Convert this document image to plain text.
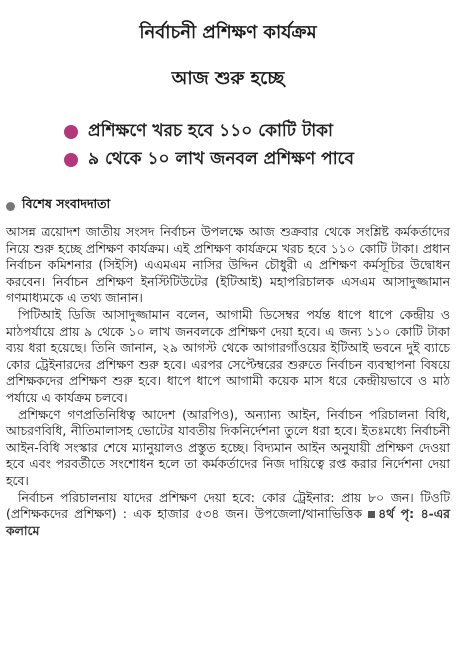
নির্বাচনী প্রশিক্ষণ কার্যক্রম
আজ শুরু হচ্ছে
প্রশিক্ষণে খরচ হবে ১১০ কোটি টাকা
৯ থেকে ১০ লাখ জনবল প্রশিক্ষণ পাবে
বিশেষ সংবাদদাতা

আসন্ন ত্রয়োদশ জাতীয় সংসদ নির্বাচন উপলক্ষে আজ শুক্রবার থেকে সংশ্লিষ্ট কর্মকর্তাদের নিয়ে শুরু হচ্ছে প্রশিক্ষণ কার্যক্রম। এই প্রশিক্ষণ কার্যক্রমে খরচ হবে ১১০ কোটি টাকা। প্রধান নির্বাচন কমিশনার (সিইসি) এএমএম নাসির উদ্দিন চৌধুরী এ প্রশিক্ষণ কর্মসূচির উদ্বোধন করবেন। নির্বাচন প্রশিক্ষণ ইনস্টিটিউটের (ইটিআই) মহাপরিচালক এসএম আসাদুজ্জামান গণমাধ্যমকে এ তথ্য জানান।

পিটিআই ডিজি আসাদুজ্জামান বলেন, আগামী ডিসেম্বর পর্যন্ত ধাপে ধাপে কেন্দ্রীয় ও মাঠপর্যায়ে প্রায় ৯ থেকে ১০ লাখ জনবলকে প্রশিক্ষণ দেয়া হবে। এ জন্য ১১০ কোটি টাকা ব্যয় ধরা হয়েছে। তিনি জানান, ২৯ আগস্ট থেকে আগারগাঁওয়ের ইটিআই ভবনে দুই ব্যাচে কোর ট্রেইনারদের প্রশিক্ষণ শুরু হবে। এরপর সেপ্টেম্বরের শুরুতে নির্বাচন ব্যবস্থাপনা বিষয়ে প্রশিক্ষকদের প্রশিক্ষণ শুরু হবে। ধাপে ধাপে আগামী কয়েক মাস ধরে কেন্দ্রীয়ভাবে ও মাঠ পর্যায়ে এ কার্যক্রম চলবে।

প্রশিক্ষণে গণপ্রতিনিধিত্ব আদেশ (আরপিও), অন্যান্য আইন, নির্বাচন পরিচালনা বিধি, আচরণবিধি, নীতিমালাসহ ভোটের যাবতীয় দিকনির্দেশনা তুলে ধরা হবে। ইতঃমধ্যে নির্বাচনী আইন-বিধি সংস্কার শেষে ম্যানুয়ালও প্রস্তুত হচ্ছে। বিদ্যমান আইন অনুযায়ী প্রশিক্ষণ দেওয়া হবে এবং পরবর্তীতে সংশোধন হলে তা কর্মকর্তাদের নিজ দায়িত্বে রপ্ত করার নির্দেশনা দেয়া হবে।

নির্বাচন পরিচালনায় যাদের প্রশিক্ষণ দেয়া হবে: কোর ট্রেইনার: প্রায় ৮০ জন। টিওটি (প্রশিক্ষকদের প্রশিক্ষণ) : এক হাজার ৫৩৪ জন। উপজেলা/থানাভিত্তিক ৪র্থ পৃ: ৪-এর কলামে
